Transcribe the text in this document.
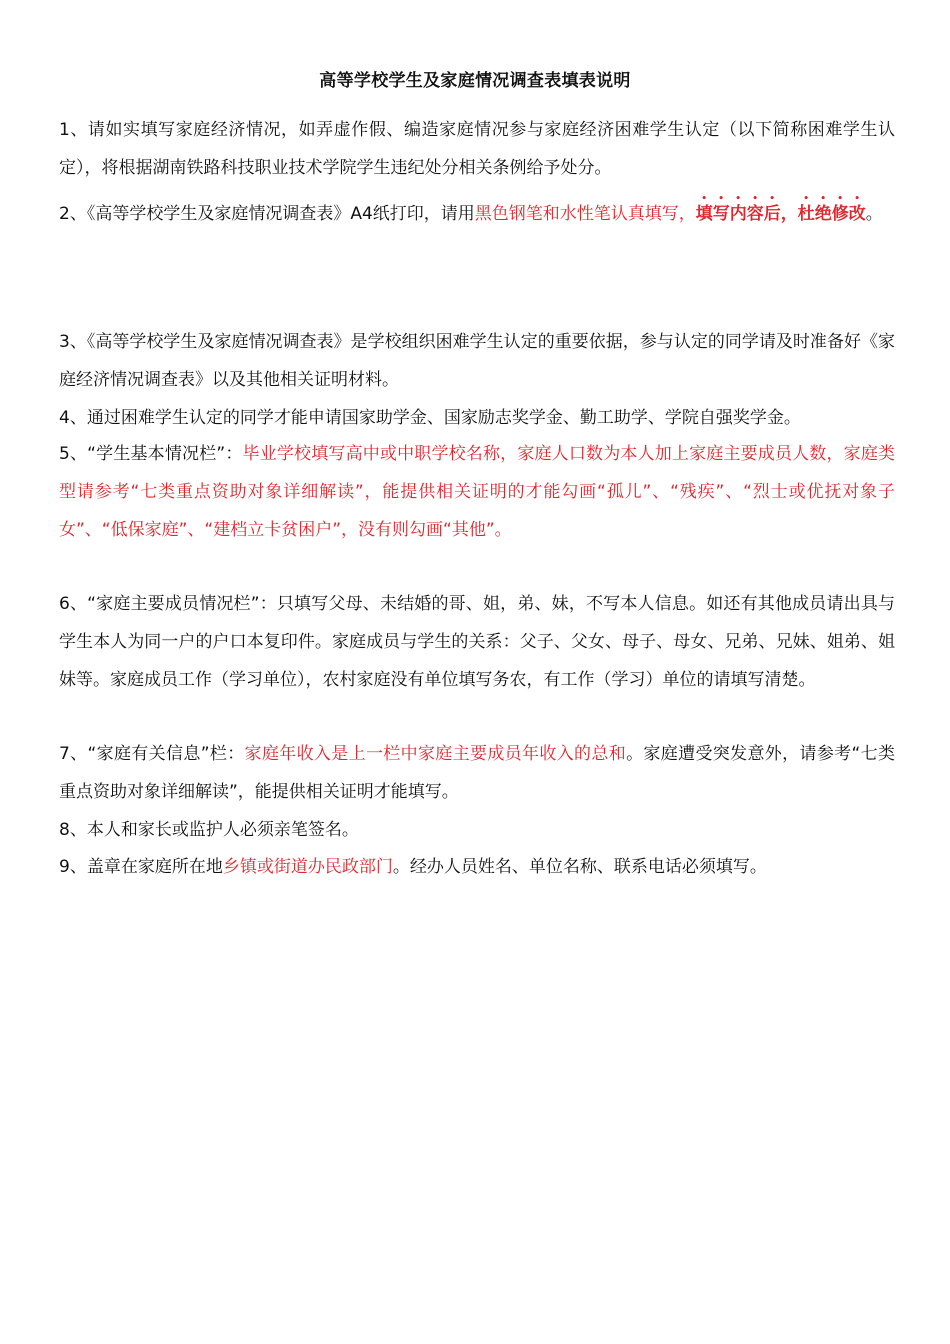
高等学校学生及家庭情况调查表填表说明
1、请如实填写家庭经济情况，如弄虚作假、编造家庭情况参与家庭经济困难学生认定（以下简称困难学生认定），将根据湖南铁路科技职业技术学院学生违纪处分相关条例给予处分。
2、《高等学校学生及家庭情况调查表》A4纸打印，请用黑色钢笔和水性笔认真填写，填写内容后，杜绝修改。
3、《高等学校学生及家庭情况调查表》是学校组织困难学生认定的重要依据，参与认定的同学请及时准备好《家庭经济情况调查表》以及其他相关证明材料。
4、通过困难学生认定的同学才能申请国家助学金、国家励志奖学金、勤工助学、学院自强奖学金。
5、“学生基本情况栏”：毕业学校填写高中或中职学校名称，家庭人口数为本人加上家庭主要成员人数，家庭类型请参考“七类重点资助对象详细解读”，能提供相关证明的才能勾画“孤儿”、“残疾”、“烈士或优抚对象子女”、“低保家庭”、“建档立卡贫困户”，没有则勾画“其他”。
6、“家庭主要成员情况栏”：只填写父母、未结婚的哥、姐，弟、妹，不写本人信息。如还有其他成员请出具与学生本人为同一户的户口本复印件。家庭成员与学生的关系：父子、父女、母子、母女、兄弟、兄妹、姐弟、姐妹等。家庭成员工作（学习单位），农村家庭没有单位填写务农，有工作（学习）单位的请填写清楚。
7、“家庭有关信息”栏：家庭年收入是上一栏中家庭主要成员年收入的总和。家庭遭受突发意外，请参考“七类重点资助对象详细解读”，能提供相关证明才能填写。
8、本人和家长或监护人必须亲笔签名。
9、盖章在家庭所在地乡镇或街道办民政部门。经办人员姓名、单位名称、联系电话必须填写。
